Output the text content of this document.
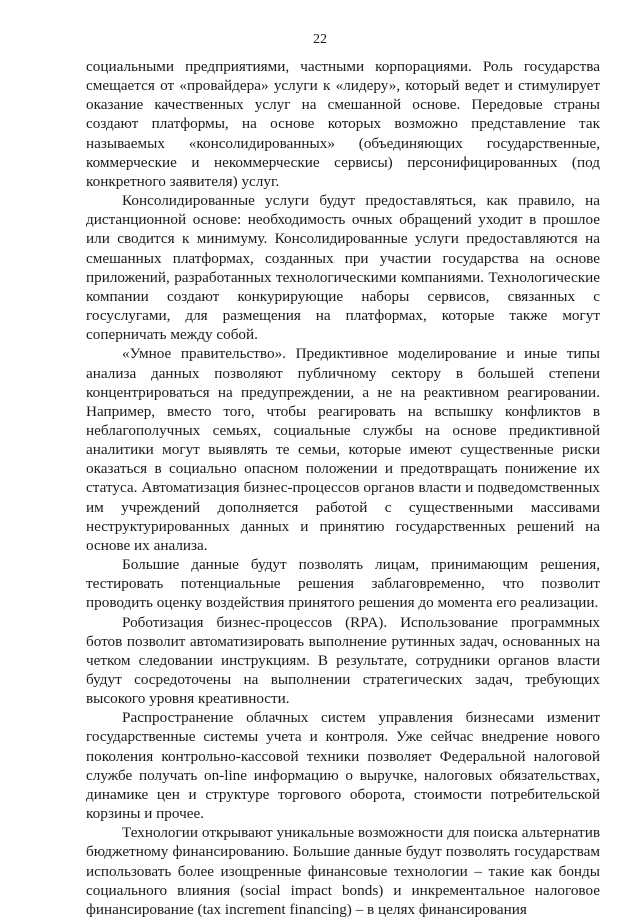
22

социальными предприятиями, частными корпорациями. Роль государства смещается от «провайдера» услуги к «лидеру», который ведет и стимулирует оказание качественных услуг на смешанной основе. Передовые страны создают платформы, на основе которых возможно представление так называемых «консолидированных» (объединяющих государственные, коммерческие и некоммерческие сервисы) персонифицированных (под конкретного заявителя) услуг.

Консолидированные услуги будут предоставляться, как правило, на дистанционной основе: необходимость очных обращений уходит в прошлое или сводится к минимуму. Консолидированные услуги предоставляются на смешанных платформах, созданных при участии государства на основе приложений, разработанных технологическими компаниями. Технологические компании создают конкурирующие наборы сервисов, связанных с госуслугами, для размещения на платформах, которые также могут соперничать между собой.

«Умное правительство». Предиктивное моделирование и иные типы анализа данных позволяют публичному сектору в большей степени концентрироваться на предупреждении, а не на реактивном реагировании. Например, вместо того, чтобы реагировать на вспышку конфликтов в неблагополучных семьях, социальные службы на основе предиктивной аналитики могут выявлять те семьи, которые имеют существенные риски оказаться в социально опасном положении и предотвращать понижение их статуса. Автоматизация бизнес-процессов органов власти и подведомственных им учреждений дополняется работой с существенными массивами неструктурированных данных и принятию государственных решений на основе их анализа.

Большие данные будут позволять лицам, принимающим решения, тестировать потенциальные решения заблаговременно, что позволит проводить оценку воздействия принятого решения до момента его реализации.

Роботизация бизнес-процессов (RPA). Использование программных ботов позволит автоматизировать выполнение рутинных задач, основанных на четком следовании инструкциям. В результате, сотрудники органов власти будут сосредоточены на выполнении стратегических задач, требующих высокого уровня креативности.

Распространение облачных систем управления бизнесами изменит государственные системы учета и контроля. Уже сейчас внедрение нового поколения контрольно-кассовой техники позволяет Федеральной налоговой службе получать on-line информацию о выручке, налоговых обязательствах, динамике цен и структуре торгового оборота, стоимости потребительской корзины и прочее.

Технологии открывают уникальные возможности для поиска альтернатив бюджетному финансированию. Большие данные будут позволять государствам использовать более изощренные финансовые технологии – такие как бонды социального влияния (social impact bonds) и инкрементальное налоговое финансирование (tax increment financing) – в целях финансирования
